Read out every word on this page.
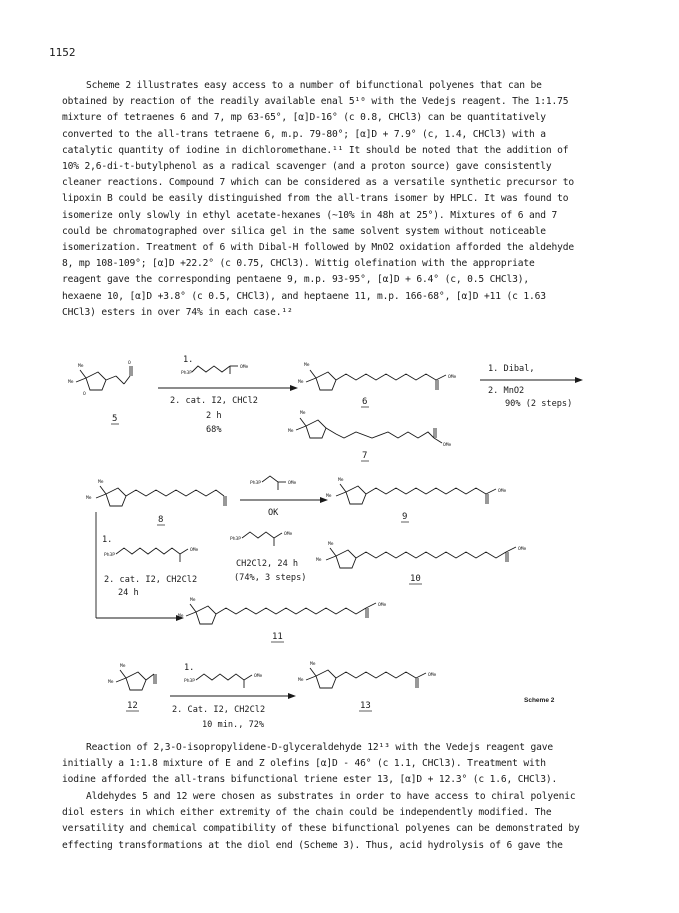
1152

Scheme 2 illustrates easy access to a number of bifunctional polyenes that can be
obtained by reaction of the readily available enal 5¹⁰ with the Vedejs reagent. The 1:1.75
mixture of tetraenes 6 and 7, mp 63-65°, [α]D-16° (c 0.8, CHCl3) can be quantitatively
converted to the all-trans tetraene 6, m.p. 79-80°; [α]D + 7.9° (c, 1.4, CHCl3) with a
catalytic quantity of iodine in dichloromethane.¹¹ It should be noted that the addition of
10% 2,6-di-t-butylphenol as a radical scavenger (and a proton source) gave consistently
cleaner reactions. Compound 7 which can be considered as a versatile synthetic precursor to
lipoxin B could be easily distinguished from the all-trans isomer by HPLC. It was found to
isomerize only slowly in ethyl acetate-hexanes (~10% in 48h at 25°). Mixtures of 6 and 7
could be chromatographed over silica gel in the same solvent system without noticeable
isomerization. Treatment of 6 with Dibal-H followed by MnO2 oxidation afforded the aldehyde
8, mp 108-109°; [α]D +22.2° (c 0.75, CHCl3). Wittig olefination with the appropriate
reagent gave the corresponding pentaene 9, m.p. 93-95°, [α]D + 6.4° (c, 0.5 CHCl3),
hexaene 10, [α]D +3.8° (c 0.5, CHCl3), and heptaene 11, m.p. 166-68°, [α]D +11 (c 1.63
CHCl3) esters in over 74% in each case.¹²

Me
Me
O
O
5
1.
Ph3P
OMe
2. cat. I2, CHCl2
2 h
68%
Me
Me
OMe
6
1. Dibal,
2. MnO2
90% (2 steps)
Me
Me
OMe
7
Me
Me
8
Ph3P	OMe
OK
Me
Me
OMe
9
1.
Ph3P
OMe
2. cat. I2, CH2Cl2
24 h
Ph3P
OMe
CH2Cl2, 24 h
(74%, 3 steps)
Me
Me
OMe
10
Me
Me
OMe
11
Me
Me
12
1.
Ph3P
OMe
2. Cat. I2, CH2Cl2
10 min., 72%
Me
Me
OMe
13
Scheme 2

Reaction of 2,3-O-isopropylidene-D-glyceraldehyde 12¹³ with the Vedejs reagent gave
initially a 1:1.8 mixture of E and Z olefins [α]D - 46° (c 1.1, CHCl3). Treatment with
iodine afforded the all-trans bifunctional triene ester 13, [α]D + 12.3° (c 1.6, CHCl3).

Aldehydes 5 and 12 were chosen as substrates in order to have access to chiral polyenic
diol esters in which either extremity of the chain could be independently modified. The
versatility and chemical compatibility of these bifunctional polyenes can be demonstrated by
effecting transformations at the diol end (Scheme 3). Thus, acid hydrolysis of 6 gave the
